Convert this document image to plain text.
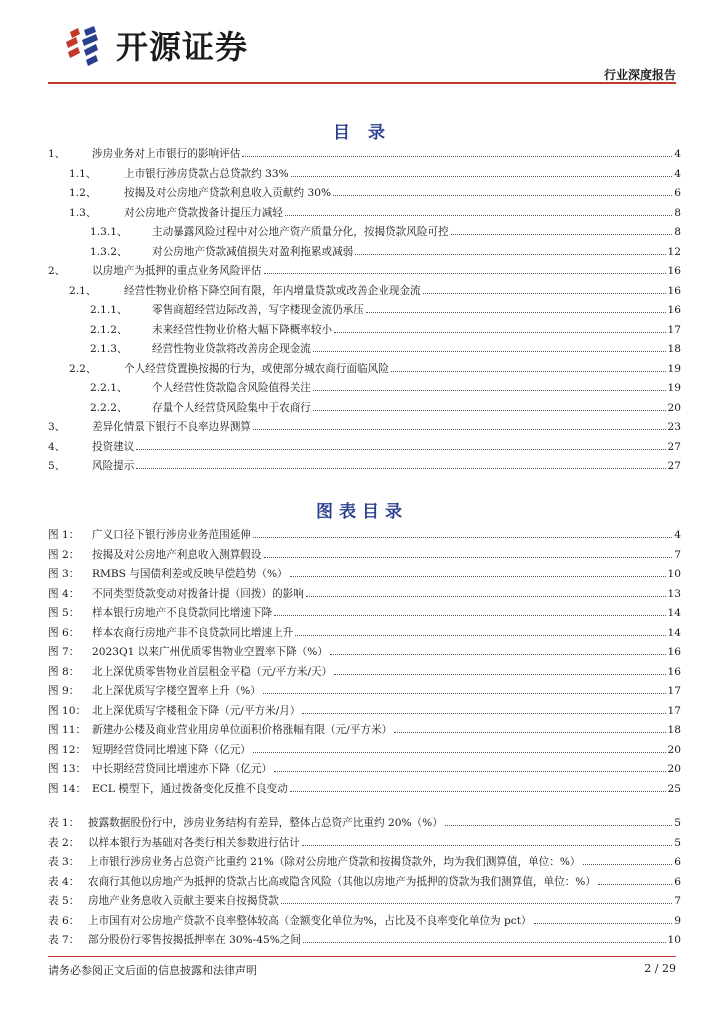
开源证券
行业深度报告
目 录
1、	涉房业务对上市银行的影响评估	4
1.1、	上市银行涉房贷款占总贷款约 33%	4
1.2、	按揭及对公房地产贷款利息收入贡献约 30%	6
1.3、	对公房地产贷款拨备计提压力减轻	8
1.3.1、	主动暴露风险过程中对公地产资产质量分化，按揭贷款风险可控	8
1.3.2、	对公房地产贷款减值损失对盈利拖累或减弱	12
2、	以房地产为抵押的重点业务风险评估	16
2.1、	经营性物业价格下降空间有限，年内增量贷款或改善企业现金流	16
2.1.1、	零售商超经营边际改善，写字楼现金流仍承压	16
2.1.2、	未来经营性物业价格大幅下降概率较小	17
2.1.3、	经营性物业贷款将改善房企现金流	18
2.2、	个人经营贷置换按揭的行为，或使部分城农商行面临风险	19
2.2.1、	个人经营性贷款隐含风险值得关注	19
2.2.2、	存量个人经营贷风险集中于农商行	20
3、	差异化情景下银行不良率边界测算	23
4、	投资建议	27
5、	风险提示	27
图表目录
图 1：	广义口径下银行涉房业务范围延伸	4
图 2：	按揭及对公房地产利息收入测算假设	7
图 3：	RMBS 与国债利差或反映早偿趋势（%）	10
图 4：	不同类型贷款变动对拨备计提（回拨）的影响	13
图 5：	样本银行房地产不良贷款同比增速下降	14
图 6：	样本农商行房地产非不良贷款同比增速上升	14
图 7：	2023Q1 以来广州优质零售物业空置率下降（%）	16
图 8：	北上深优质零售物业首层租金平稳（元/平方米/天）	16
图 9：	北上深优质写字楼空置率上升（%）	17
图 10： 北上深优质写字楼租金下降（元/平方米/月）	17
图 11： 新建办公楼及商业营业用房单位面积价格涨幅有限（元/平方米）	18
图 12： 短期经营贷同比增速下降（亿元）	20
图 13： 中长期经营贷同比增速亦下降（亿元）	20
图 14： ECL 模型下，通过拨备变化反推不良变动	25
表 1： 披露数据股份行中，涉房业务结构有差异，整体占总资产比重约 20%（%）	5
表 2： 以样本银行为基础对各类行相关参数进行估计	5
表 3： 上市银行涉房业务占总资产比重约 21%（除对公房地产贷款和按揭贷款外，均为我们测算值，单位：%）	6
表 4： 农商行其他以房地产为抵押的贷款占比高或隐含风险（其他以房地产为抵押的贷款为我们测算值，单位：%）	6
表 5： 房地产业务息收入贡献主要来自按揭贷款	7
表 6： 上市国有对公房地产贷款不良率整体较高（金额变化单位为%，占比及不良率变化单位为 pct）	9
表 7： 部分股份行零售按揭抵押率在 30%-45%之间	10
请务必参阅正文后面的信息披露和法律声明	2 / 29
